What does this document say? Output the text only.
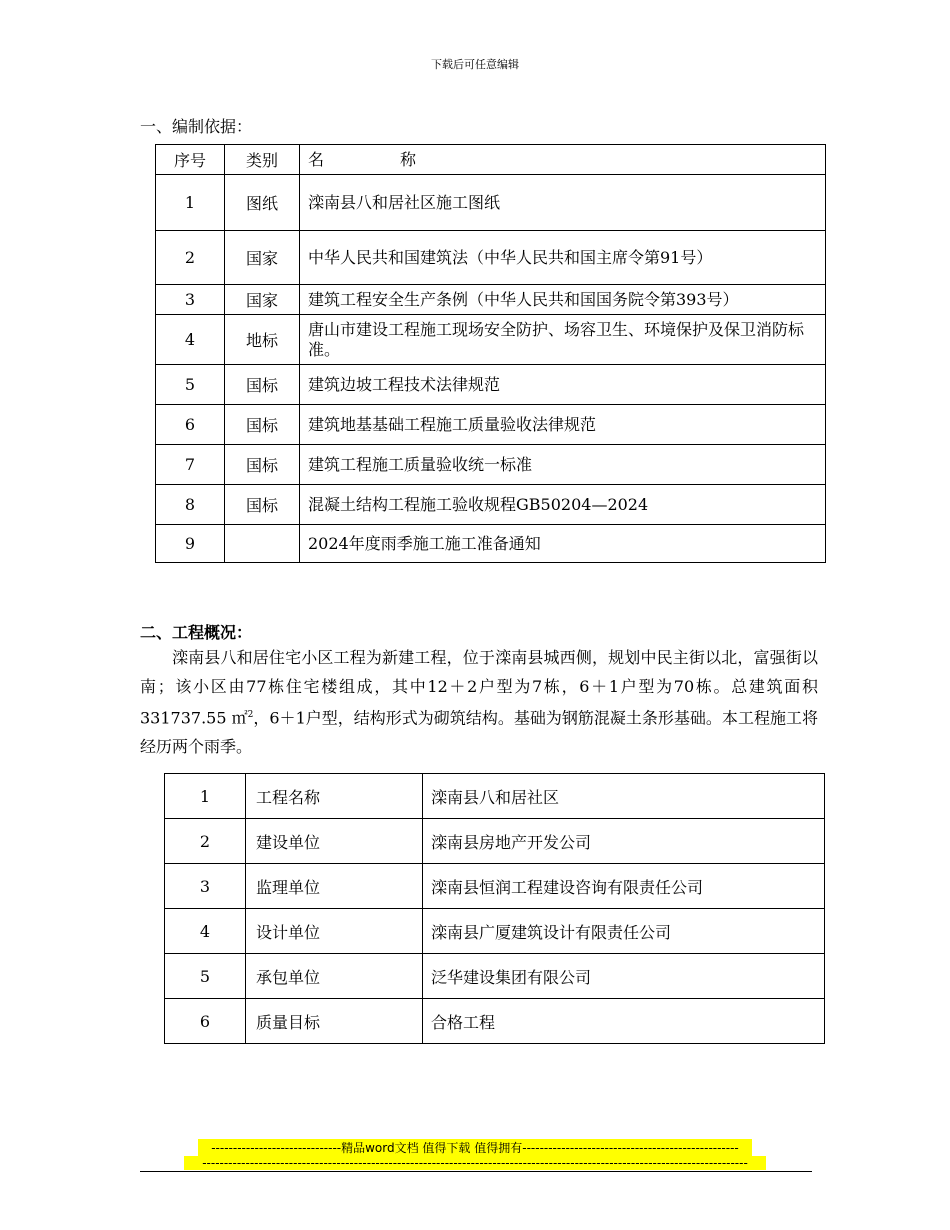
下载后可任意编辑
一、编制依据：
序号	类别	名 称
1	图纸	滦南县八和居社区施工图纸
2	国家	中华人民共和国建筑法（中华人民共和国主席令第91号）
3	国家	建筑工程安全生产条例（中华人民共和国国务院令第393号）
4	地标	唐山市建设工程施工现场安全防护、场容卫生、环境保护及保卫消防标准。
5	国标	建筑边坡工程技术法律规范
6	国标	建筑地基基础工程施工质量验收法律规范
7	国标	建筑工程施工质量验收统一标准
8	国标	混凝土结构工程施工验收规程GB50204—2024
9		2024年度雨季施工施工准备通知
二、工程概况：

滦南县八和居住宅小区工程为新建工程，位于滦南县城西侧，规划中民主街以北，富强街以南；该小区由77栋住宅楼组成，其中12＋2户型为7栋，6＋1户型为70栋。总建筑面积331737.55 ㎡$^2$，6＋1户型，结构形式为砌筑结构。基础为钢筋混凝土条形基础。本工程施工将经历两个雨季。

1	工程名称	滦南县八和居社区
2	建设单位	滦南县房地产开发公司
3	监理单位	滦南县恒润工程建设咨询有限责任公司
4	设计单位	滦南县广厦建筑设计有限责任公司
5	承包单位	泛华建设集团有限公司
6	质量目标	合格工程
------------------------------精品word文档 值得下载 值得拥有--------------------------------------------------
------------------------------------------------------------------------------------------------------------------------------
